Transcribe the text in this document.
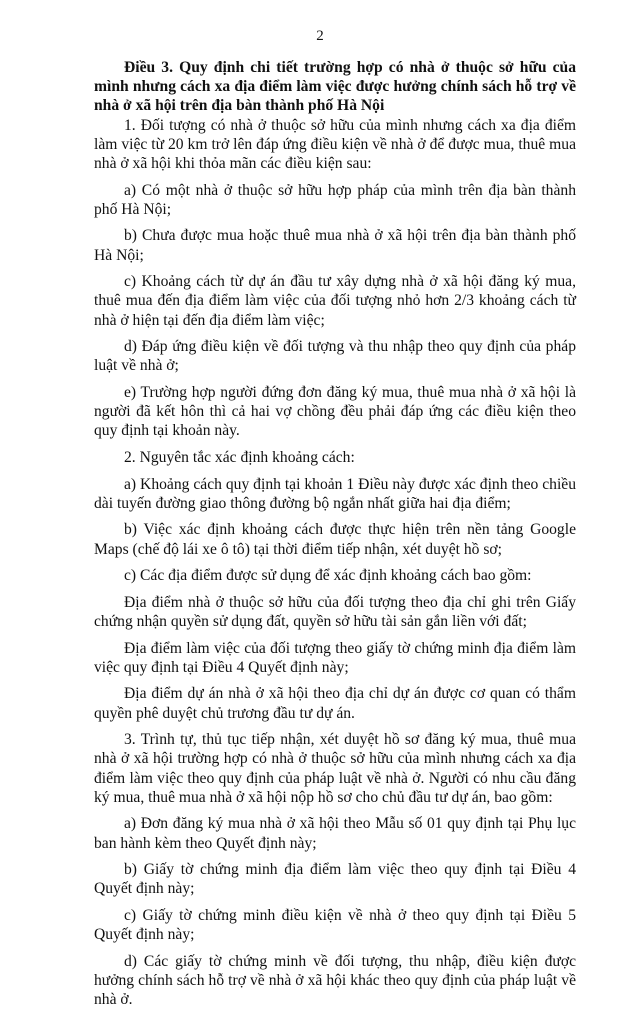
2

Điều 3. Quy định chi tiết trường hợp có nhà ở thuộc sở hữu của mình nhưng cách xa địa điểm làm việc được hưởng chính sách hỗ trợ về nhà ở xã hội trên địa bàn thành phố Hà Nội

1. Đối tượng có nhà ở thuộc sở hữu của mình nhưng cách xa địa điểm làm việc từ 20 km trở lên đáp ứng điều kiện về nhà ở để được mua, thuê mua nhà ở xã hội khi thỏa mãn các điều kiện sau:

a) Có một nhà ở thuộc sở hữu hợp pháp của mình trên địa bàn thành phố Hà Nội;

b) Chưa được mua hoặc thuê mua nhà ở xã hội trên địa bàn thành phố Hà Nội;

c) Khoảng cách từ dự án đầu tư xây dựng nhà ở xã hội đăng ký mua, thuê mua đến địa điểm làm việc của đối tượng nhỏ hơn 2/3 khoảng cách từ nhà ở hiện tại đến địa điểm làm việc;

d) Đáp ứng điều kiện về đối tượng và thu nhập theo quy định của pháp luật về nhà ở;

e) Trường hợp người đứng đơn đăng ký mua, thuê mua nhà ở xã hội là người đã kết hôn thì cả hai vợ chồng đều phải đáp ứng các điều kiện theo quy định tại khoản này.

2. Nguyên tắc xác định khoảng cách:

a) Khoảng cách quy định tại khoản 1 Điều này được xác định theo chiều dài tuyến đường giao thông đường bộ ngắn nhất giữa hai địa điểm;

b) Việc xác định khoảng cách được thực hiện trên nền tảng Google Maps (chế độ lái xe ô tô) tại thời điểm tiếp nhận, xét duyệt hồ sơ;

c) Các địa điểm được sử dụng để xác định khoảng cách bao gồm:

Địa điểm nhà ở thuộc sở hữu của đối tượng theo địa chỉ ghi trên Giấy chứng nhận quyền sử dụng đất, quyền sở hữu tài sản gắn liền với đất;

Địa điểm làm việc của đối tượng theo giấy tờ chứng minh địa điểm làm việc quy định tại Điều 4 Quyết định này;

Địa điểm dự án nhà ở xã hội theo địa chỉ dự án được cơ quan có thẩm quyền phê duyệt chủ trương đầu tư dự án.

3. Trình tự, thủ tục tiếp nhận, xét duyệt hồ sơ đăng ký mua, thuê mua nhà ở xã hội trường hợp có nhà ở thuộc sở hữu của mình nhưng cách xa địa điểm làm việc theo quy định của pháp luật về nhà ở. Người có nhu cầu đăng ký mua, thuê mua nhà ở xã hội nộp hồ sơ cho chủ đầu tư dự án, bao gồm:

a) Đơn đăng ký mua nhà ở xã hội theo Mẫu số 01 quy định tại Phụ lục ban hành kèm theo Quyết định này;

b) Giấy tờ chứng minh địa điểm làm việc theo quy định tại Điều 4 Quyết định này;

c) Giấy tờ chứng minh điều kiện về nhà ở theo quy định tại Điều 5 Quyết định này;

d) Các giấy tờ chứng minh về đối tượng, thu nhập, điều kiện được hưởng chính sách hỗ trợ về nhà ở xã hội khác theo quy định của pháp luật về nhà ở.
